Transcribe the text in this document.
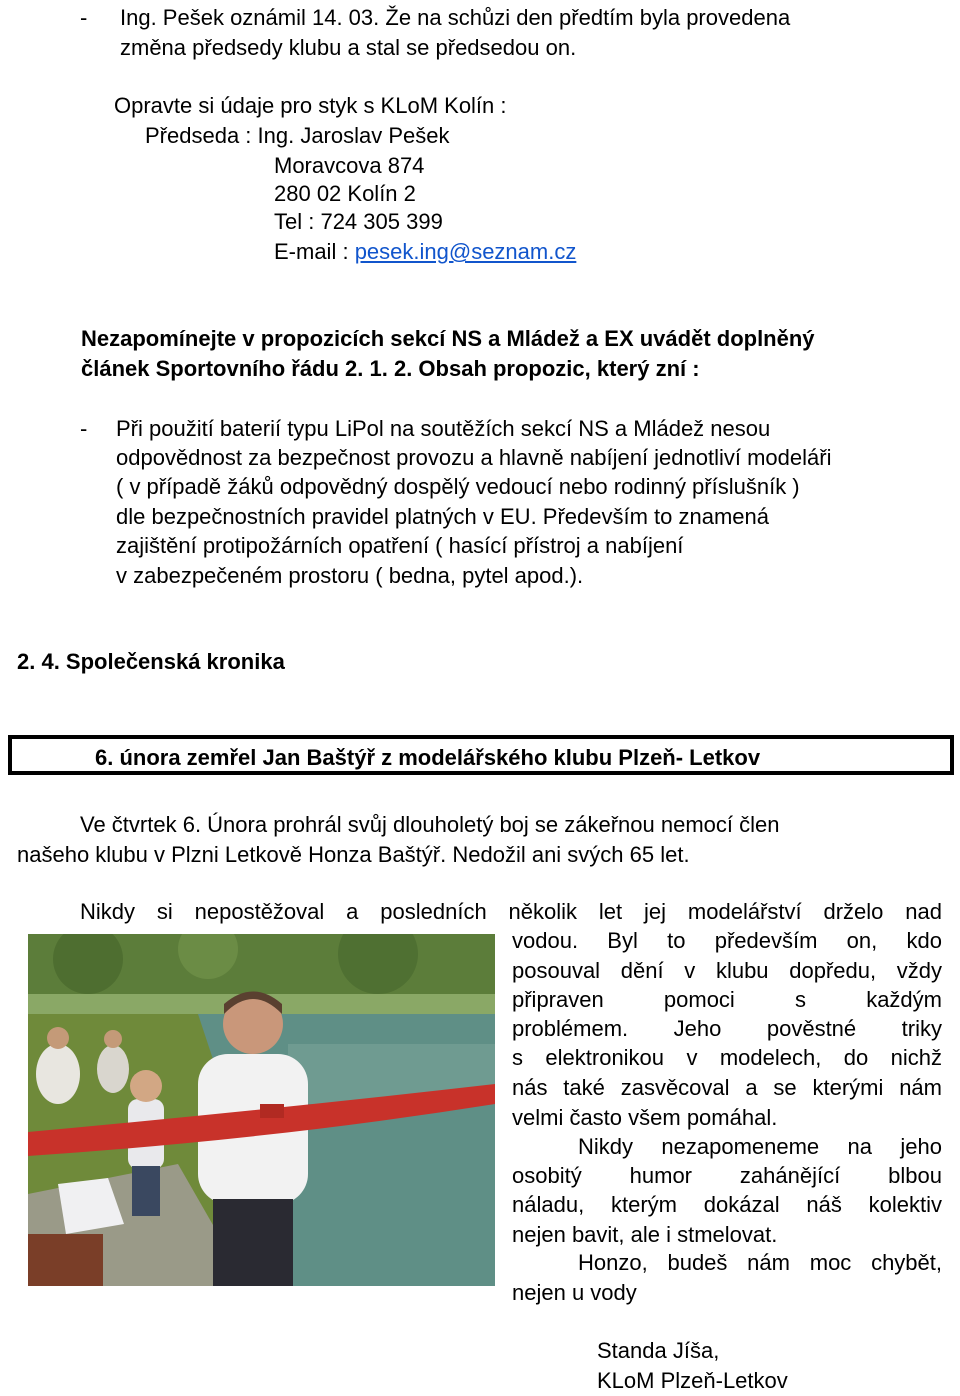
- Ing. Pešek oznámil 14. 03. Že na schůzi den předtím byla provedena
změna předsedy klubu a stal se předsedou on.
Opravte si údaje pro styk s KLoM Kolín :
Předseda : Ing. Jaroslav Pešek
Moravcova 874
280 02 Kolín 2
Tel : 724 305 399
E-mail : pesek.ing@seznam.cz
Nezapomínejte v propozicích sekcí NS a Mládež a EX uvádět doplněný
článek Sportovního řádu 2. 1. 2. Obsah propozic, který zní :
- Při použití baterií typu LiPol na soutěžích sekcí NS a Mládež nesou
odpovědnost za bezpečnost provozu a hlavně nabíjení jednotliví modeláři
( v případě žáků odpovědný dospělý vedoucí nebo rodinný příslušník )
dle bezpečnostních pravidel platných v EU. Především to znamená
zajištění protipožárních opatření ( hasící přístroj a nabíjení
v zabezpečeném prostoru ( bedna, pytel apod.).
2. 4. Společenská kronika
6. února zemřel Jan Baštýř z modelářského klubu Plzeň- Letkov
Ve čtvrtek 6. Února prohrál svůj dlouholetý boj se zákeřnou nemocí člen
našeho klubu v Plzni Letkově Honza Baštýř. Nedožil ani svých 65 let.
Nikdy si nepostěžoval a posledních několik let jej modelářství drželo nad
vodou. Byl to především on, kdo
posouval dění v klubu dopředu, vždy
připraven pomoci s každým
problémem. Jeho pověstné triky
s elektronikou v modelech, do nichž
nás také zasvěcoval a se kterými nám
velmi často všem pomáhal.
Nikdy nezapomeneme na jeho
osobitý humor zahánějící blbou
náladu, kterým dokázal náš kolektiv
nejen bavit, ale i stmelovat.
Honzo, budeš nám moc chybět,
nejen u vody
Standa Jíša,
KLoM Plzeň-Letkov
